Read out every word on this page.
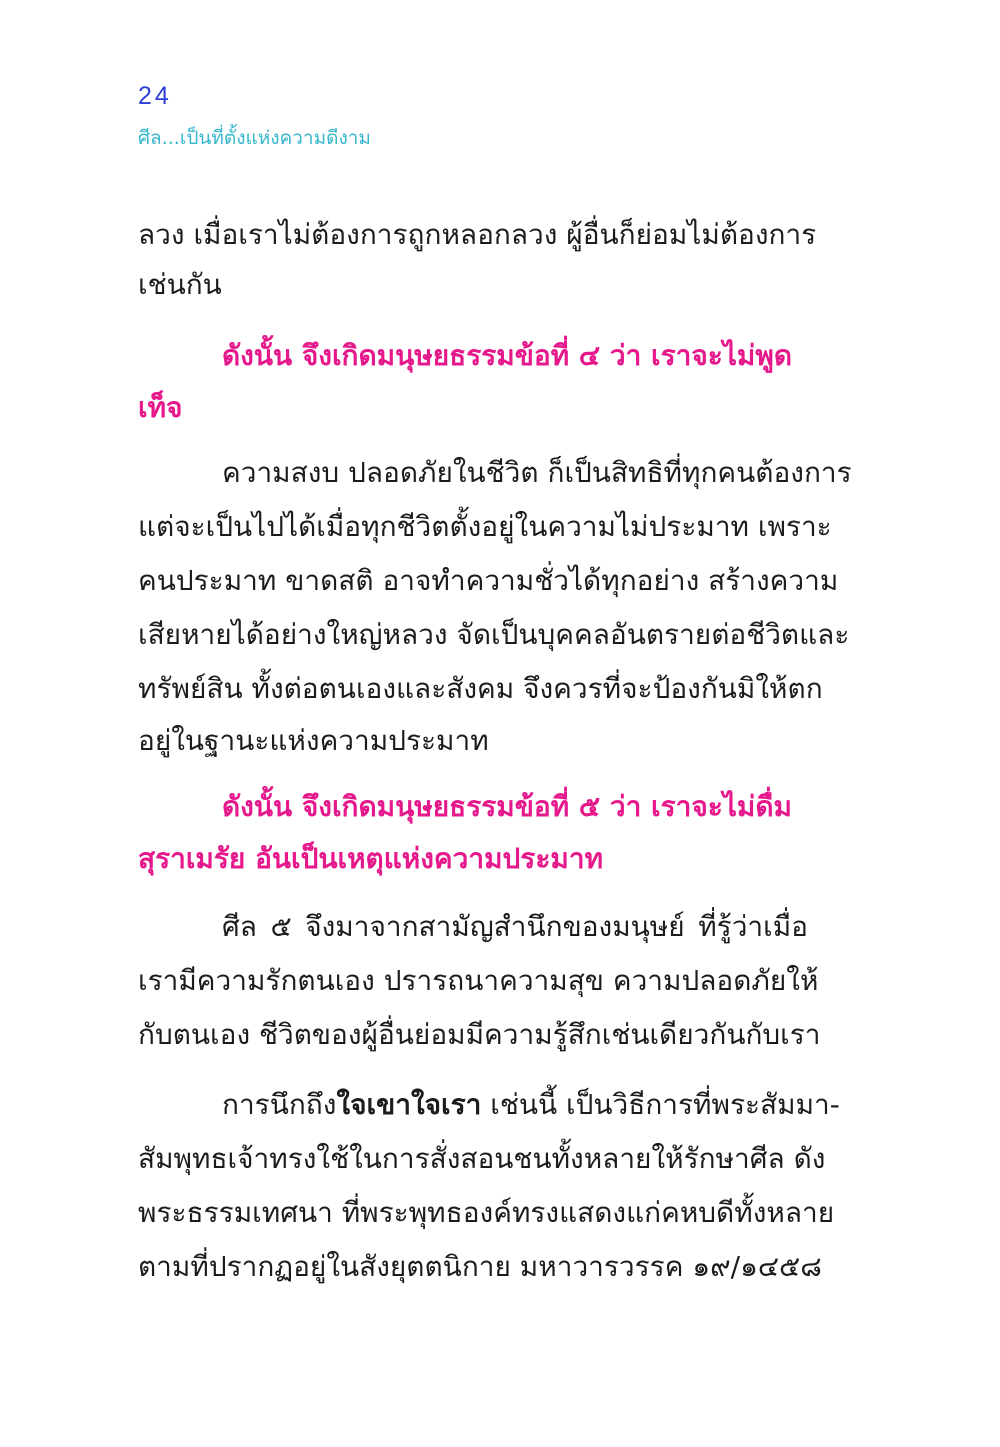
24
ศีล...เป็นที่ตั้งแห่งความดีงาม
ลวง เมื่อเราไม่ต้องการถูกหลอกลวง ผู้อื่นก็ย่อมไม่ต้องการ
เช่นกัน
ดังนั้น จึงเกิดมนุษยธรรมข้อที่ ๔ ว่า เราจะไม่พูด
เท็จ
ความสงบ ปลอดภัยในชีวิต ก็เป็นสิทธิที่ทุกคนต้องการ
แต่จะเป็นไปได้เมื่อทุกชีวิตตั้งอยู่ในความไม่ประมาท เพราะ
คนประมาท ขาดสติ อาจทำความชั่วได้ทุกอย่าง สร้างความ
เสียหายได้อย่างใหญ่หลวง จัดเป็นบุคคลอันตรายต่อชีวิตและ
ทรัพย์สิน ทั้งต่อตนเองและสังคม จึงควรที่จะป้องกันมิให้ตก
อยู่ในฐานะแห่งความประมาท
ดังนั้น จึงเกิดมนุษยธรรมข้อที่ ๕ ว่า เราจะไม่ดื่ม
สุราเมรัย อันเป็นเหตุแห่งความประมาท
ศีล ๕ จึงมาจากสามัญสำนึกของมนุษย์ ที่รู้ว่าเมื่อ
เรามีความรักตนเอง ปรารถนาความสุข ความปลอดภัยให้
กับตนเอง ชีวิตของผู้อื่นย่อมมีความรู้สึกเช่นเดียวกันกับเรา
การนึกถึงใจเขาใจเรา เช่นนี้ เป็นวิธีการที่พระสัมมา-
สัมพุทธเจ้าทรงใช้ในการสั่งสอนชนทั้งหลายให้รักษาศีล ดัง
พระธรรมเทศนา ที่พระพุทธองค์ทรงแสดงแก่คหบดีทั้งหลาย
ตามที่ปรากฏอยู่ในสังยุตตนิกาย มหาวารวรรค ๑๙/๑๔๕๘
